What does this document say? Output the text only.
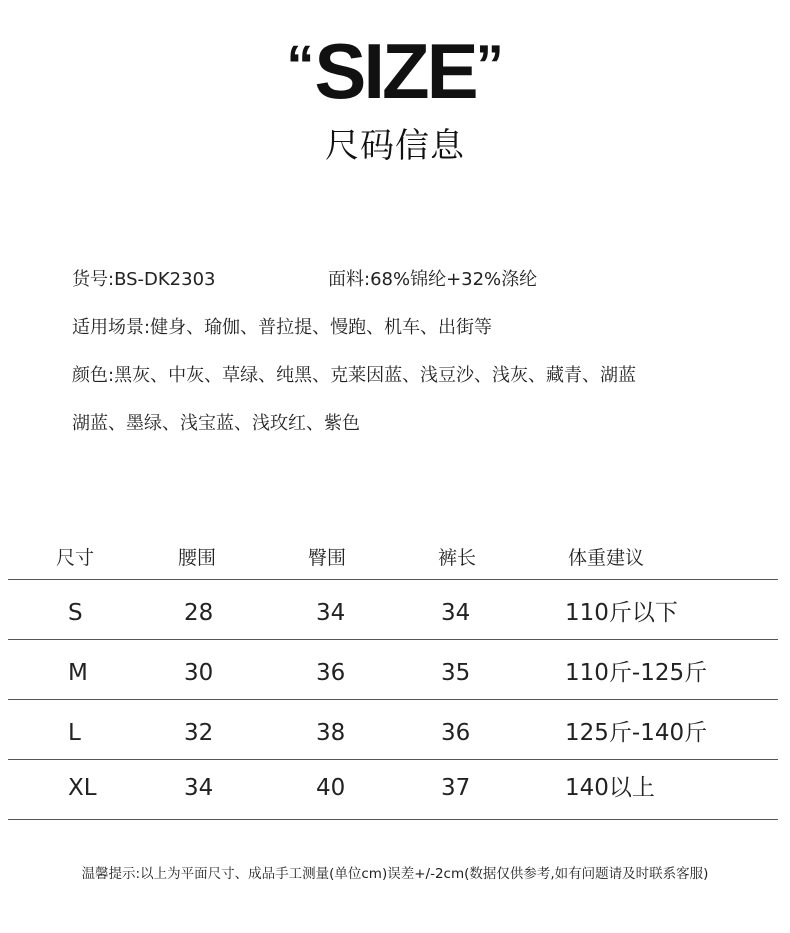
“SIZE”
尺码信息
货号:BS-DK2303	面料:68%锦纶+32%涤纶
适用场景:健身、瑜伽、普拉提、慢跑、机车、出街等
颜色:黑灰、中灰、草绿、纯黑、克莱因蓝、浅豆沙、浅灰、藏青、湖蓝
湖蓝、墨绿、浅宝蓝、浅玫红、紫色
尺寸	腰围	臀围	裤长	体重建议
S	28	34	34	110斤以下
M	30	36	35	110斤-125斤
L	32	38	36	125斤-140斤
XL	34	40	37	140以上
温馨提示:以上为平面尺寸、成品手工测量(单位cm)误差+/-2cm(数据仅供参考,如有问题请及时联系客服)
